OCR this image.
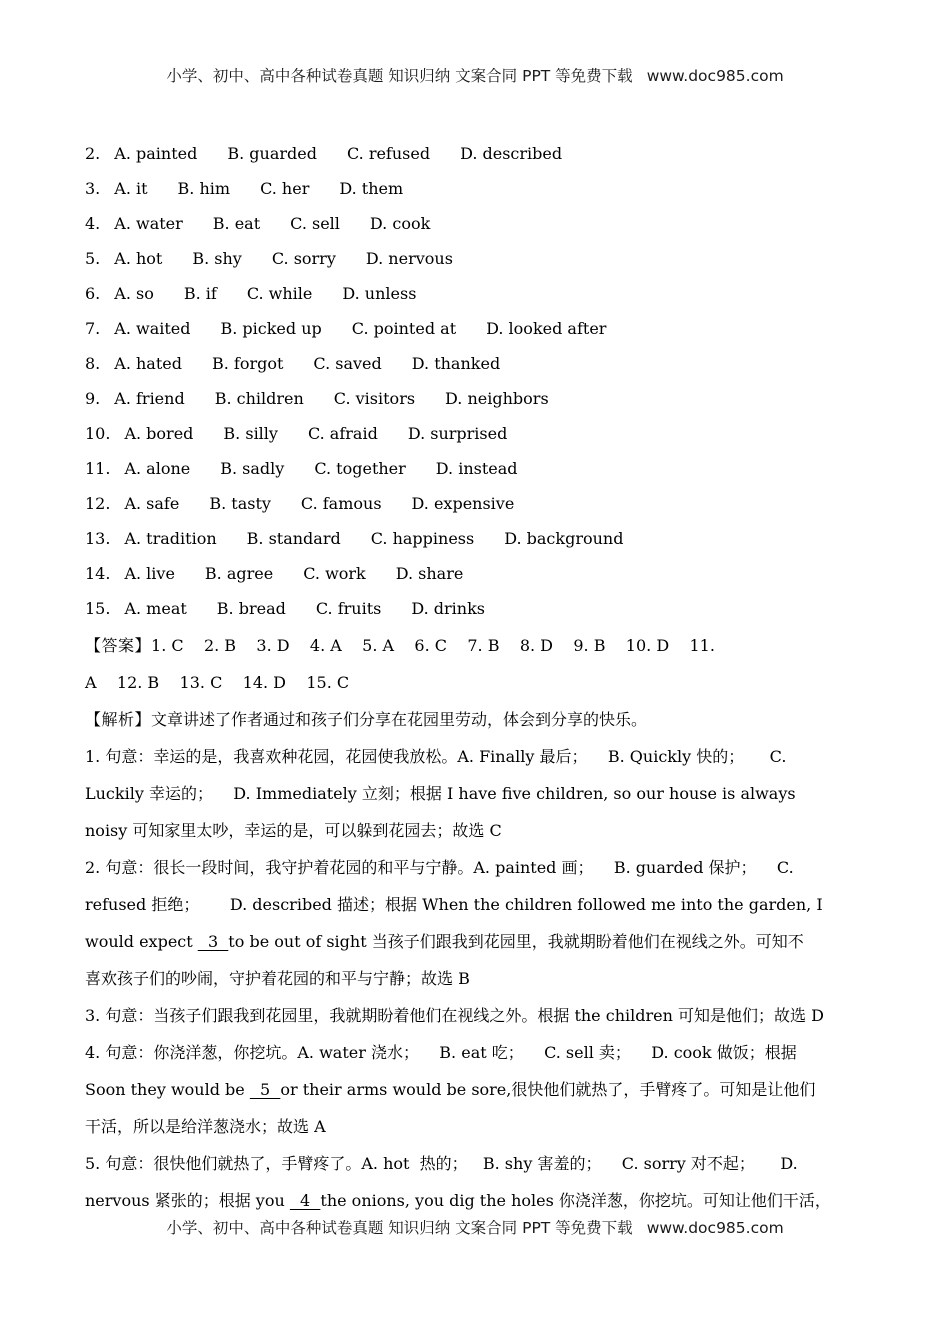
小学、初中、高中各种试卷真题 知识归纳 文案合同 PPT 等免费下载 www.doc985.com
2. A. painted B. guarded C. refused D. described
3. A. it B. him C. her D. them
4. A. water B. eat C. sell D. cook
5. A. hot B. shy C. sorry D. nervous
6. A. so B. if C. while D. unless
7. A. waited B. picked up C. pointed at D. looked after
8. A. hated B. forgot C. saved D. thanked
9. A. friend B. children C. visitors D. neighbors
10. A. bored B. silly C. afraid D. surprised
11. A. alone B. sadly C. together D. instead
12. A. safe B. tasty C. famous D. expensive
13. A. tradition B. standard C. happiness D. background
14. A. live B. agree C. work D. share
15. A. meat B. bread C. fruits D. drinks
【答案】1. C    2. B    3. D    4. A    5. A    6. C    7. B    8. D    9. B    10. D    11.
A    12. B    13. C    14. D    15. C
【解析】文章讲述了作者通过和孩子们分享在花园里劳动，体会到分享的快乐。
1. 句意：幸运的是，我喜欢种花园，花园使我放松。A. Finally 最后；    B. Quickly 快的；     C.
Luckily 幸运的；    D. Immediately 立刻；根据 I have five children, so our house is always
noisy 可知家里太吵，幸运的是，可以躲到花园去；故选 C
2. 句意：很长一段时间，我守护着花园的和平与宁静。A. painted 画；    B. guarded 保护；    C.
refused 拒绝；      D. described 描述；根据 When the children followed me into the garden, I
would expect   3  to be out of sight 当孩子们跟我到花园里，我就期盼着他们在视线之外。可知不
喜欢孩子们的吵闹，守护着花园的和平与宁静；故选 B
3. 句意：当孩子们跟我到花园里，我就期盼着他们在视线之外。根据 the children 可知是他们；故选 D
4. 句意：你浇洋葱，你挖坑。A. water 浇水；    B. eat 吃；    C. sell 卖；    D. cook 做饭；根据
Soon they would be   5  or their arms would be sore,很快他们就热了，手臂疼了。可知是让他们
干活，所以是给洋葱浇水；故选 A
5. 句意：很快他们就热了，手臂疼了。A. hot  热的；   B. shy 害羞的；    C. sorry 对不起；     D.
nervous 紧张的；根据 you   4  the onions, you dig the holes 你浇洋葱，你挖坑。可知让他们干活，
小学、初中、高中各种试卷真题 知识归纳 文案合同 PPT 等免费下载 www.doc985.com
